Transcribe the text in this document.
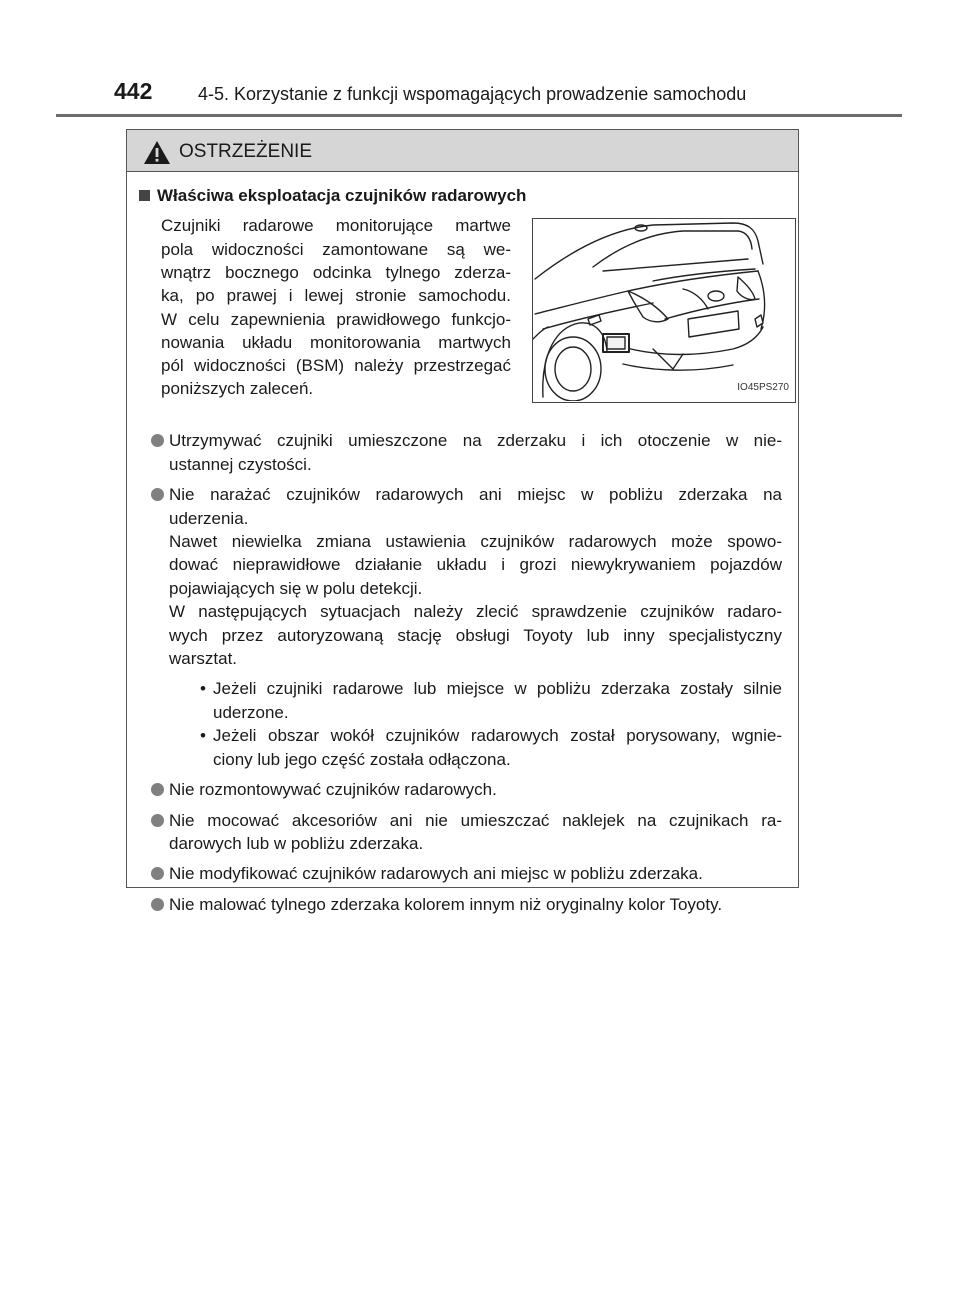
442	4-5. Korzystanie z funkcji wspomagających prowadzenie samochodu
OSTRZEŻENIE
Właściwa eksploatacja czujników radarowych
Czujniki radarowe monitorujące martwe
pola widoczności zamontowane są we-
wnątrz bocznego odcinka tylnego zderza-
ka, po prawej i lewej stronie samochodu.
W celu zapewnienia prawidłowego funkcjo-
nowania układu monitorowania martwych
pól widoczności (BSM) należy przestrzegać
poniższych zaleceń.	IO45PS270
Utrzymywać czujniki umieszczone na zderzaku i ich otoczenie w nie-
ustannej czystości.
Nie narażać czujników radarowych ani miejsc w pobliżu zderzaka na
uderzenia.
Nawet niewielka zmiana ustawienia czujników radarowych może spowo-
dować nieprawidłowe działanie układu i grozi niewykrywaniem pojazdów
pojawiających się w polu detekcji.
W następujących sytuacjach należy zlecić sprawdzenie czujników radaro-
wych przez autoryzowaną stację obsługi Toyoty lub inny specjalistyczny
warsztat.
• Jeżeli czujniki radarowe lub miejsce w pobliżu zderzaka zostały silnie
uderzone.
• Jeżeli obszar wokół czujników radarowych został porysowany, wgnie-
ciony lub jego część została odłączona.
Nie rozmontowywać czujników radarowych.
Nie mocować akcesoriów ani nie umieszczać naklejek na czujnikach ra-
darowych lub w pobliżu zderzaka.
Nie modyfikować czujników radarowych ani miejsc w pobliżu zderzaka.
Nie malować tylnego zderzaka kolorem innym niż oryginalny kolor Toyoty.
